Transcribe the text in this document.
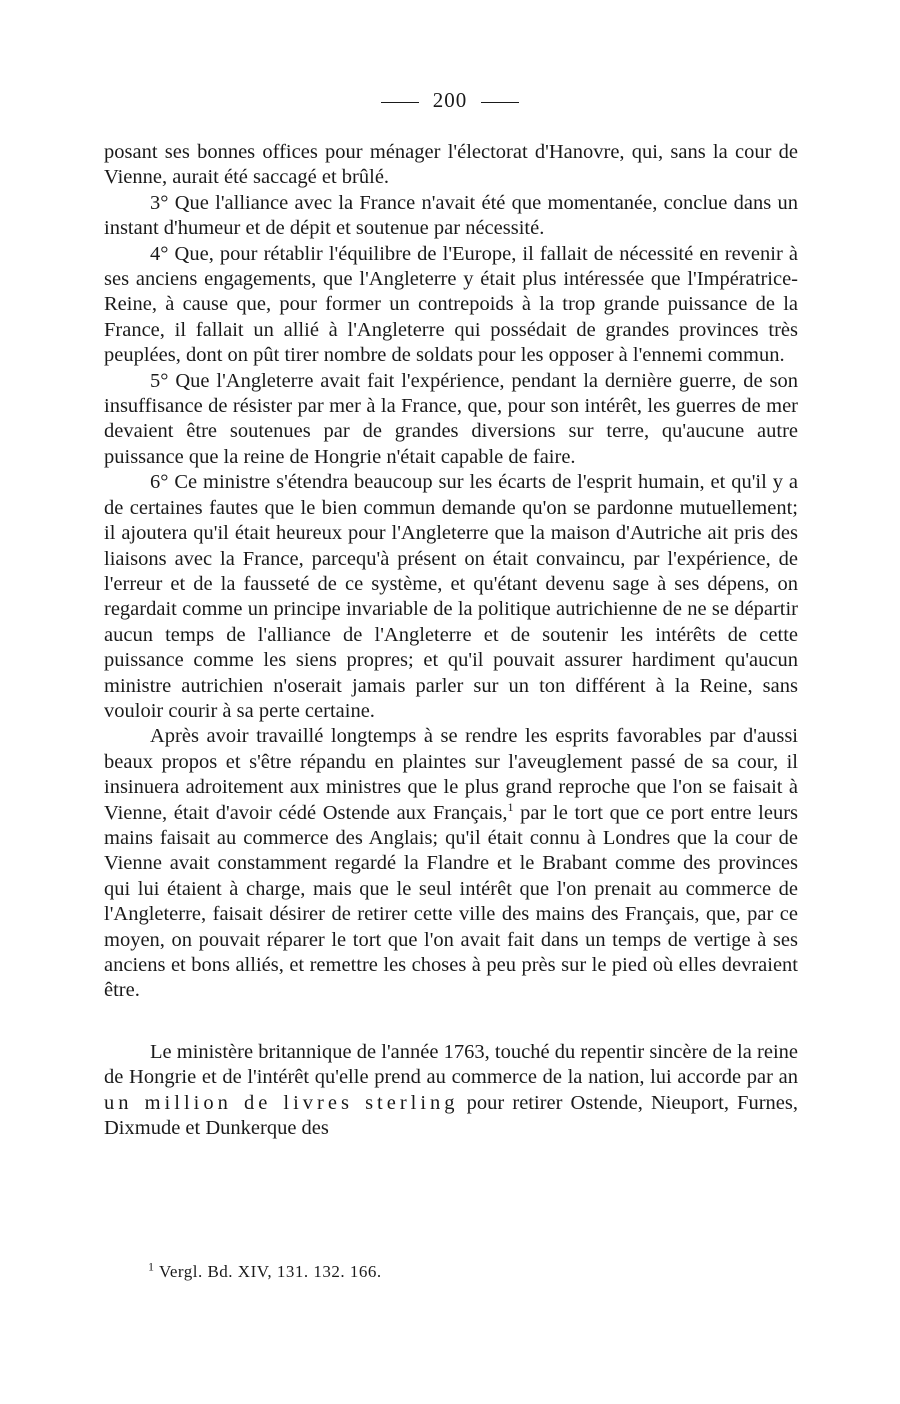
200

posant ses bonnes offices pour ménager l'électorat d'Hanovre, qui, sans la cour de Vienne, aurait été saccagé et brûlé.

3° Que l'alliance avec la France n'avait été que momentanée, conclue dans un instant d'humeur et de dépit et soutenue par nécessité.

4° Que, pour rétablir l'équilibre de l'Europe, il fallait de nécessité en revenir à ses anciens engagements, que l'Angleterre y était plus intéressée que l'Impératrice-Reine, à cause que, pour former un contrepoids à la trop grande puissance de la France, il fallait un allié à l'Angleterre qui possédait de grandes provinces très peuplées, dont on pût tirer nombre de soldats pour les opposer à l'ennemi commun.

5° Que l'Angleterre avait fait l'expérience, pendant la dernière guerre, de son insuffisance de résister par mer à la France, que, pour son intérêt, les guerres de mer devaient être soutenues par de grandes diversions sur terre, qu'aucune autre puissance que la reine de Hongrie n'était capable de faire.

6° Ce ministre s'étendra beaucoup sur les écarts de l'esprit humain, et qu'il y a de certaines fautes que le bien commun demande qu'on se pardonne mutuellement; il ajoutera qu'il était heureux pour l'Angleterre que la maison d'Autriche ait pris des liaisons avec la France, parcequ'à présent on était convaincu, par l'expérience, de l'erreur et de la fausseté de ce système, et qu'étant devenu sage à ses dépens, on regardait comme un principe invariable de la politique autrichienne de ne se départir aucun temps de l'alliance de l'Angleterre et de soutenir les intérêts de cette puissance comme les siens propres; et qu'il pouvait assurer hardiment qu'aucun ministre autrichien n'oserait jamais parler sur un ton différent à la Reine, sans vouloir courir à sa perte certaine.

Après avoir travaillé longtemps à se rendre les esprits favorables par d'aussi beaux propos et s'être répandu en plaintes sur l'aveuglement passé de sa cour, il insinuera adroitement aux ministres que le plus grand reproche que l'on se faisait à Vienne, était d'avoir cédé Ostende aux Français,$^1$ par le tort que ce port entre leurs mains faisait au commerce des Anglais; qu'il était connu à Londres que la cour de Vienne avait constamment regardé la Flandre et le Brabant comme des provinces qui lui étaient à charge, mais que le seul intérêt que l'on prenait au commerce de l'Angleterre, faisait désirer de retirer cette ville des mains des Français, que, par ce moyen, on pouvait réparer le tort que l'on avait fait dans un temps de vertige à ses anciens et bons alliés, et remettre les choses à peu près sur le pied où elles devraient être.

Le ministère britannique de l'année 1763, touché du repentir sincère de la reine de Hongrie et de l'intérêt qu'elle prend au commerce de la nation, lui accorde par an un million de livres sterling pour retirer Ostende, Nieuport, Furnes, Dixmude et Dunkerque des

$^1$ Vergl. Bd. XIV, 131. 132. 166.
